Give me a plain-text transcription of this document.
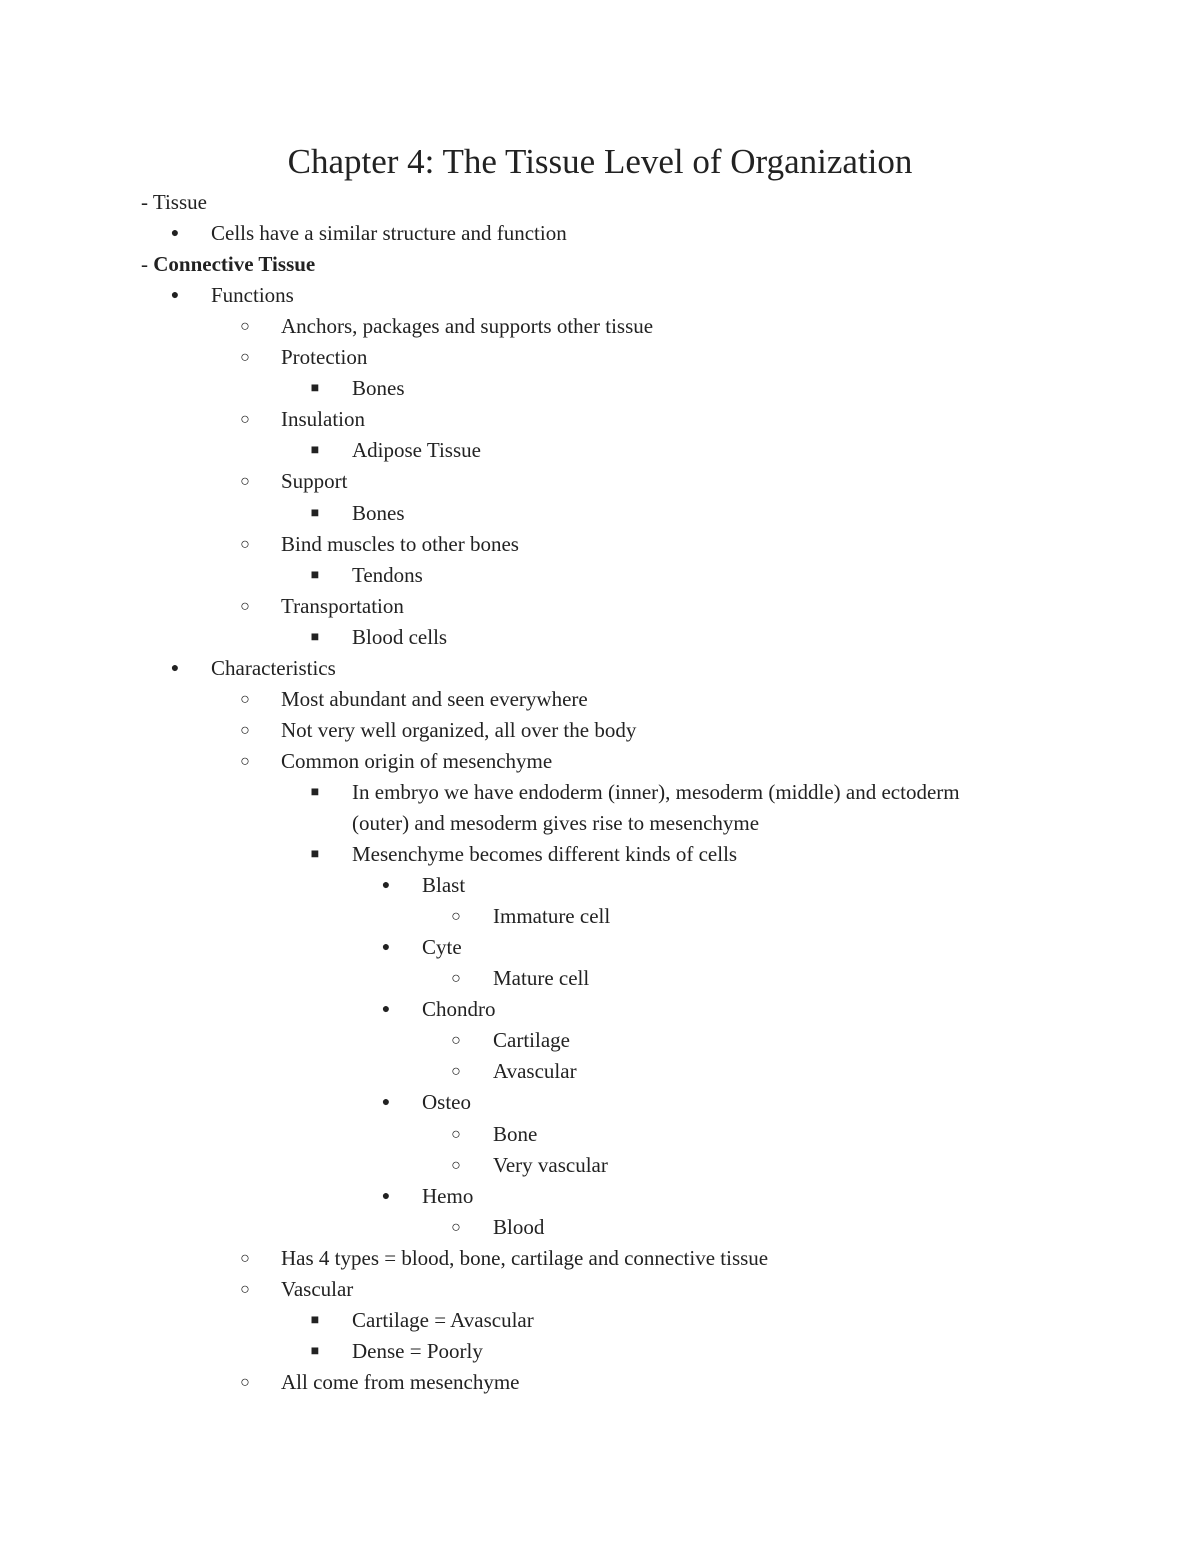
Chapter 4: The Tissue Level of Organization
- Tissue
● Cells have a similar structure and function
- Connective Tissue
● Functions
○ Anchors, packages and supports other tissue
○ Protection
■ Bones
○ Insulation
■ Adipose Tissue
○ Support
■ Bones
○ Bind muscles to other bones
■ Tendons
○ Transportation
■ Blood cells
● Characteristics
○ Most abundant and seen everywhere
○ Not very well organized, all over the body
○ Common origin of mesenchyme
■ In embryo we have endoderm (inner), mesoderm (middle) and ectoderm
(outer) and mesoderm gives rise to mesenchyme
■ Mesenchyme becomes different kinds of cells
● Blast
○ Immature cell
● Cyte
○ Mature cell
● Chondro
○ Cartilage
○ Avascular
● Osteo
○ Bone
○ Very vascular
● Hemo
○ Blood
○ Has 4 types = blood, bone, cartilage and connective tissue
○ Vascular
■ Cartilage = Avascular
■ Dense = Poorly
○ All come from mesenchyme
